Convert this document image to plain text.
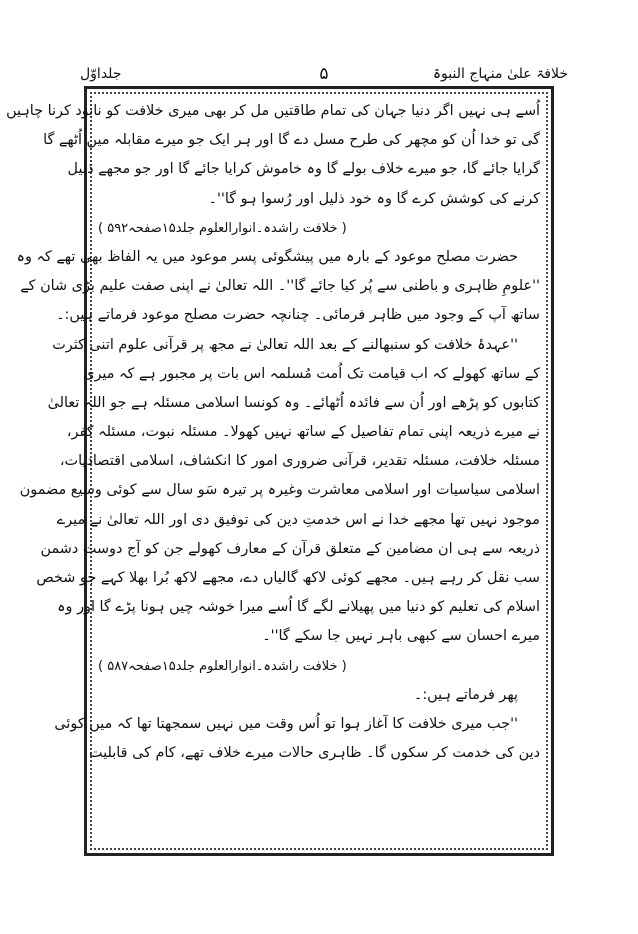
خلافۃ علیٰ منہاج النبوۃ
۵
جلداوّل
اُسے ہی نہیں اگر دنیا جہان کی تمام طاقتیں مل کر بھی میری خلافت کو نابود کرنا چاہیں
گی تو خدا اُن کو مچھر کی طرح مسل دے گا اور ہر ایک جو میرے مقابلہ میں اُٹھے گا
گرایا جائے گا، جو میرے خلاف بولے گا وہ خاموش کرایا جائے گا اور جو مجھے ذلیل
کرنے کی کوشش کرے گا وہ خود ذلیل اور رُسوا ہو گا''۔
( خلافت راشدہ۔انوارالعلوم جلد۱۵صفحہ۵۹۲ )
حضرت مصلح موعود کے بارہ میں پیشگوئی پسر موعود میں یہ الفاظ بھی تھے کہ وہ
''علومِ ظاہری و باطنی سے پُر کیا جائے گا''۔ اللہ تعالیٰ نے اپنی صفت علیم بڑی شان کے
ساتھ آپ کے وجود میں ظاہر فرمائی۔ چنانچہ حضرت مصلح موعود فرماتے ہیں:۔
''عہدۂ خلافت کو سنبھالنے کے بعد اللہ تعالیٰ نے مجھ پر قرآنی علوم اتنی کثرت
کے ساتھ کھولے کہ اب قیامت تک اُمت مُسلمہ اس بات پر مجبور ہے کہ میری
کتابوں کو پڑھے اور اُن سے فائدہ اُٹھائے۔ وہ کونسا اسلامی مسئلہ ہے جو اللہ تعالیٰ
نے میرے ذریعہ اپنی تمام تفاصیل کے ساتھ نہیں کھولا۔ مسئلہ نبوت، مسئلہ کفر،
مسئلہ خلافت، مسئلہ تقدیر، قرآنی ضروری امور کا انکشاف، اسلامی اقتصادیات،
اسلامی سیاسیات اور اسلامی معاشرت وغیرہ پر تیرہ سَو سال سے کوئی وسیع مضمون
موجود نہیں تھا مجھے خدا نے اس خدمتِ دین کی توفیق دی اور اللہ تعالیٰ نے میرے
ذریعہ سے ہی ان مضامین کے متعلق قرآن کے معارف کھولے جن کو آج دوست دشمن
سب نقل کر رہے ہیں۔ مجھے کوئی لاکھ گالیاں دے، مجھے لاکھ بُرا بھلا کہے جو شخص
اسلام کی تعلیم کو دنیا میں پھیلانے لگے گا اُسے میرا خوشہ چیں ہونا پڑے گا اور وہ
میرے احسان سے کبھی باہر نہیں جا سکے گا''۔
( خلافت راشدہ۔انوارالعلوم جلد۱۵صفحہ۵۸۷ )
پھر فرماتے ہیں:۔
''جب میری خلافت کا آغاز ہوا تو اُس وقت میں نہیں سمجھتا تھا کہ میں کوئی
دین کی خدمت کر سکوں گا۔ ظاہری حالات میرے خلاف تھے، کام کی قابلیت
